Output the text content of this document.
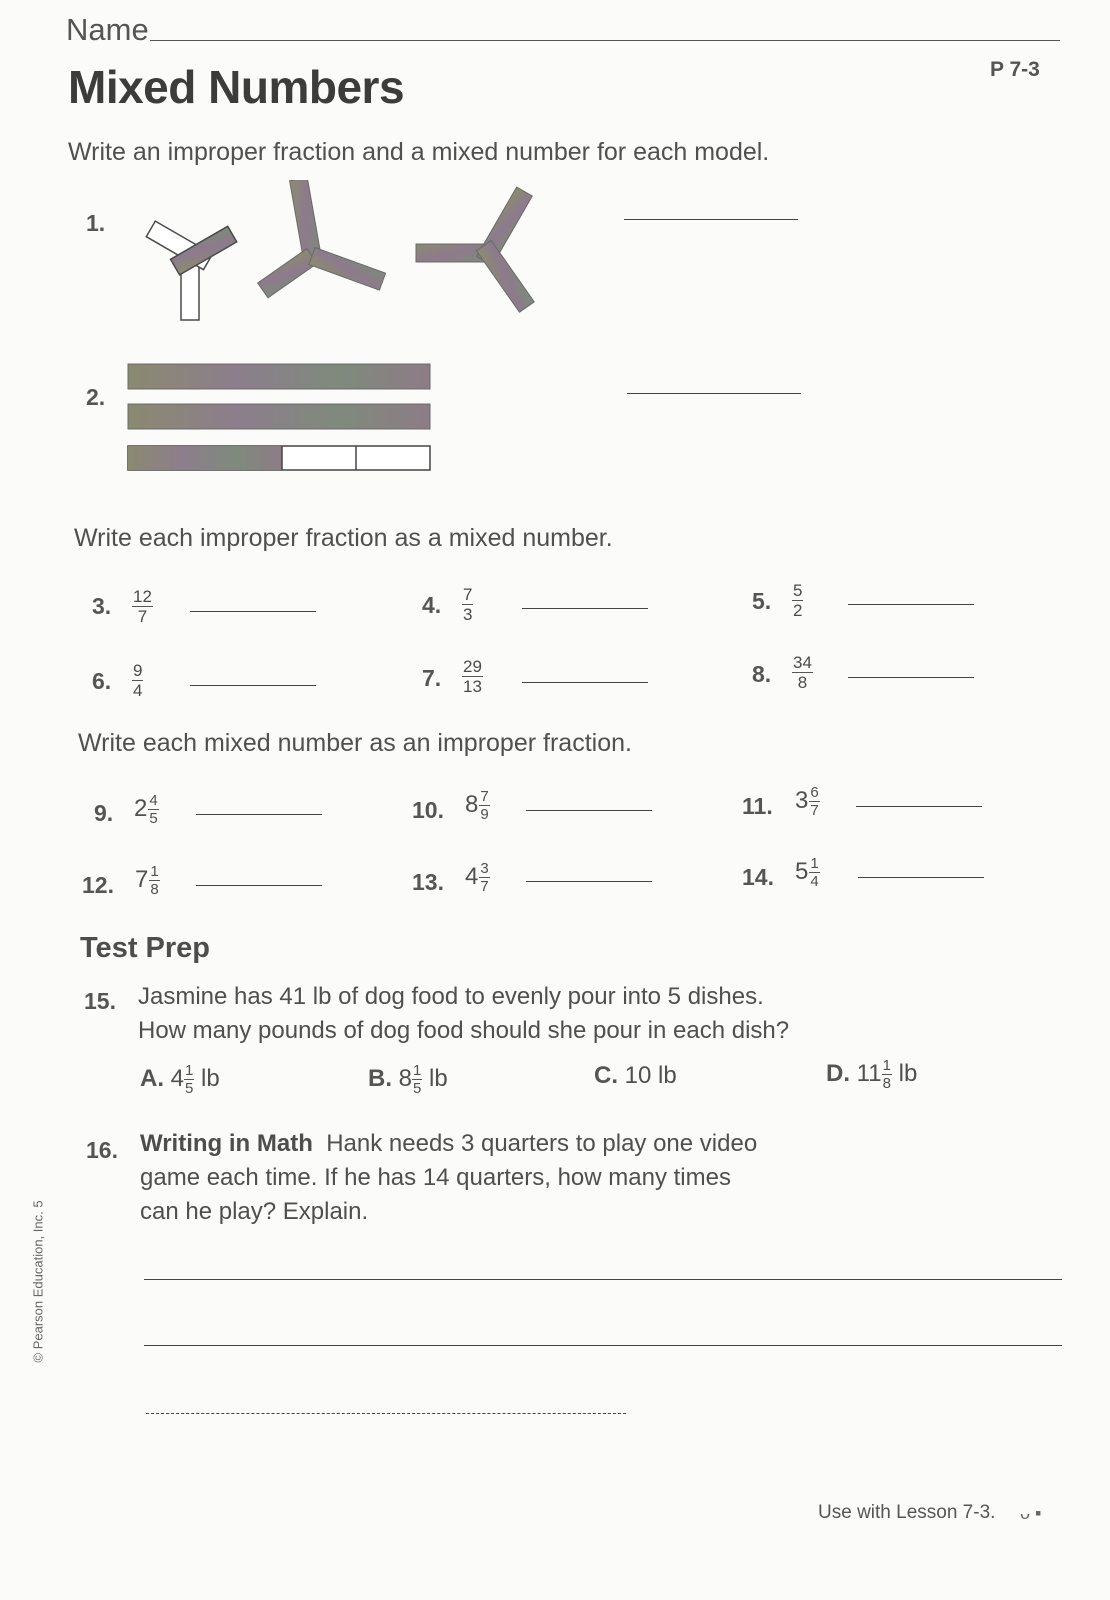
Name
Mixed Numbers	P 7-3
Write an improper fraction and a mixed number for each model.
1.
2.
Write each improper fraction as a mixed number.
3. $\frac{12}{7}$	4. $\frac{7}{3}$	5. $\frac{5}{2}$
6. $\frac{9}{4}$	7. $\frac{29}{13}$	8. $\frac{34}{8}$
Write each mixed number as an improper fraction.
9. $2 \frac{4}{5}$	10. $8 \frac{7}{9}$	11. $3 \frac{6}{7}$
12. $7 \frac{1}{8}$	13. $4 \frac{3}{7}$	14. $5 \frac{1}{4}$
Test Prep
15. Jasmine has 41 lb of dog food to evenly pour into 5 dishes.
How many pounds of dog food should she pour in each dish?
A. $4 \frac{1}{5}$ lb	B. $8 \frac{1}{5}$ lb	C. 10 lb	D. $11 \frac{1}{8}$ lb
16. Writing in Math Hank needs 3 quarters to play one video
game each time. If he has 14 quarters, how many times
can he play? Explain.
© Pearson Education, Inc. 5
Use with Lesson 7-3. ᴗ ▪
